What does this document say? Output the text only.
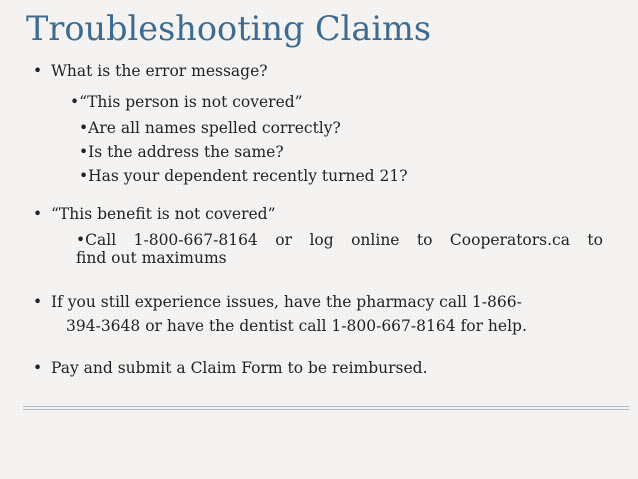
Troubleshooting Claims
• What is the error message?

•“This person is not covered”

•Are all names spelled correctly?

•Is the address the same?

•Has your dependent recently turned 21?

• “This benefit is not covered”

•Call 1-800-667-8164 or log online to Cooperators.ca to

find out maximums

• If you still experience issues, have the pharmacy call 1-866-

394-3648 or have the dentist call 1-800-667-8164 for help.

• Pay and submit a Claim Form to be reimbursed.
